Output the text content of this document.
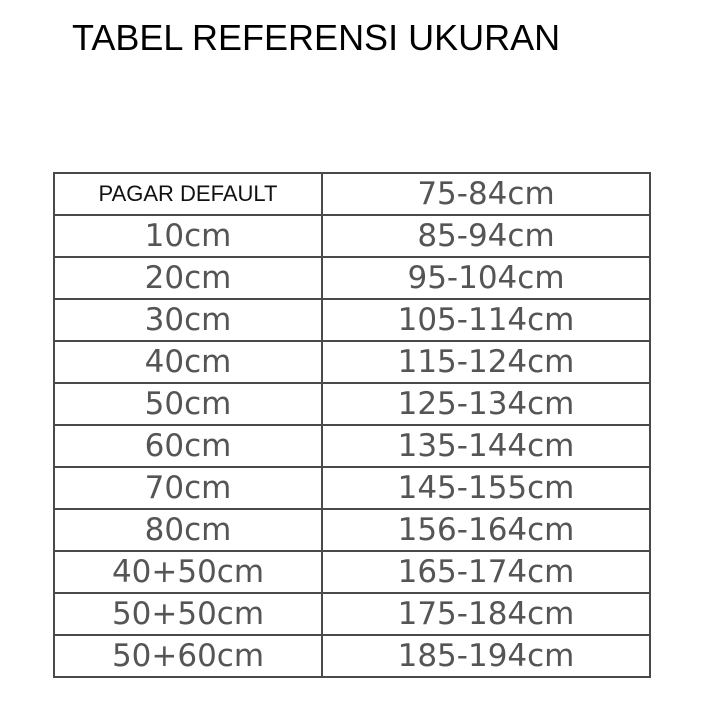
TABEL REFERENSI UKURAN
PAGAR DEFAULT	75-84cm
10cm	85-94cm
20cm	95-104cm
30cm	105-114cm
40cm	115-124cm
50cm	125-134cm
60cm	135-144cm
70cm	145-155cm
80cm	156-164cm
40+50cm	165-174cm
50+50cm	175-184cm
50+60cm	185-194cm
